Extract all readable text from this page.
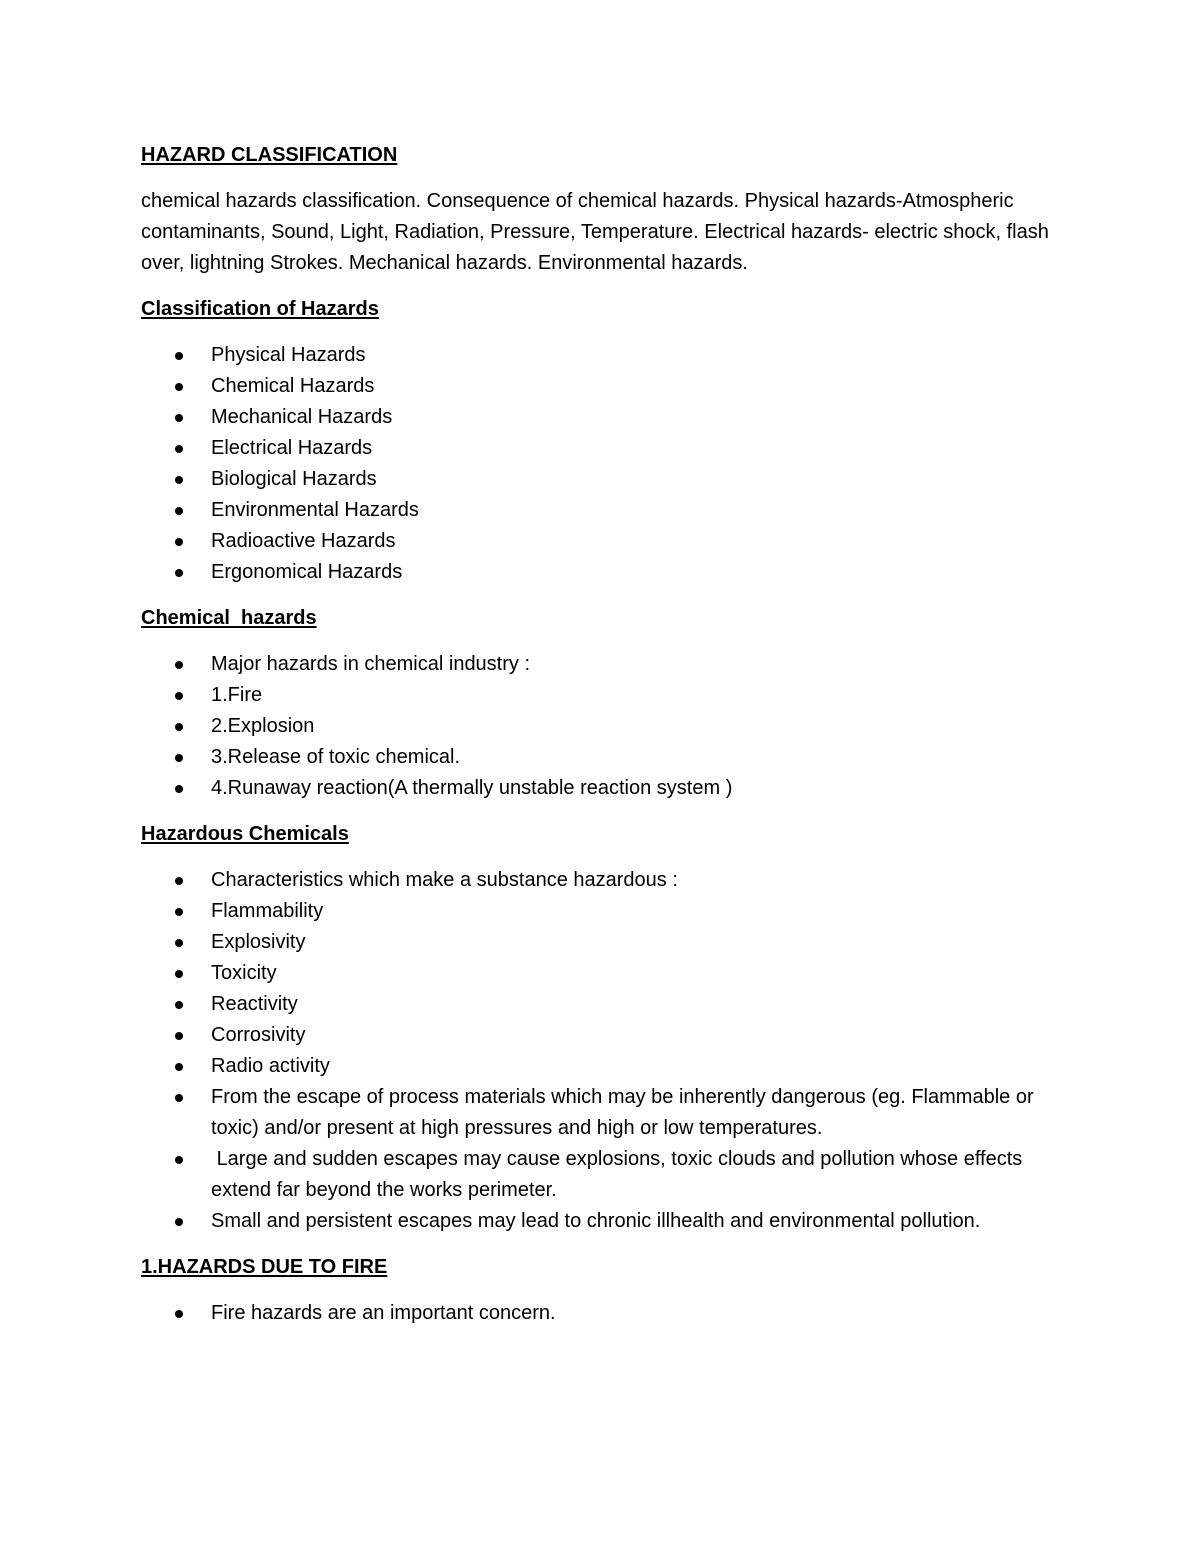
HAZARD CLASSIFICATION
chemical hazards classification. Consequence of chemical hazards. Physical hazards-Atmospheric contaminants, Sound, Light, Radiation, Pressure, Temperature. Electrical hazards- electric shock, flash over, lightning Strokes. Mechanical hazards. Environmental hazards.
Classification of Hazards
Physical Hazards
Chemical Hazards
Mechanical Hazards
Electrical Hazards
Biological Hazards
Environmental Hazards
Radioactive Hazards
Ergonomical Hazards
Chemical  hazards
Major hazards in chemical industry :
1.Fire
2.Explosion
3.Release of toxic chemical.
4.Runaway reaction(A thermally unstable reaction system )
Hazardous Chemicals
Characteristics which make a substance hazardous :
Flammability
Explosivity
Toxicity
Reactivity
Corrosivity
Radio activity
From the escape of process materials which may be inherently dangerous (eg. Flammable or toxic) and/or present at high pressures and high or low temperatures.
Large and sudden escapes may cause explosions, toxic clouds and pollution whose effects extend far beyond the works perimeter.
Small and persistent escapes may lead to chronic illhealth and environmental pollution.
1.HAZARDS DUE TO FIRE
Fire hazards are an important concern.
